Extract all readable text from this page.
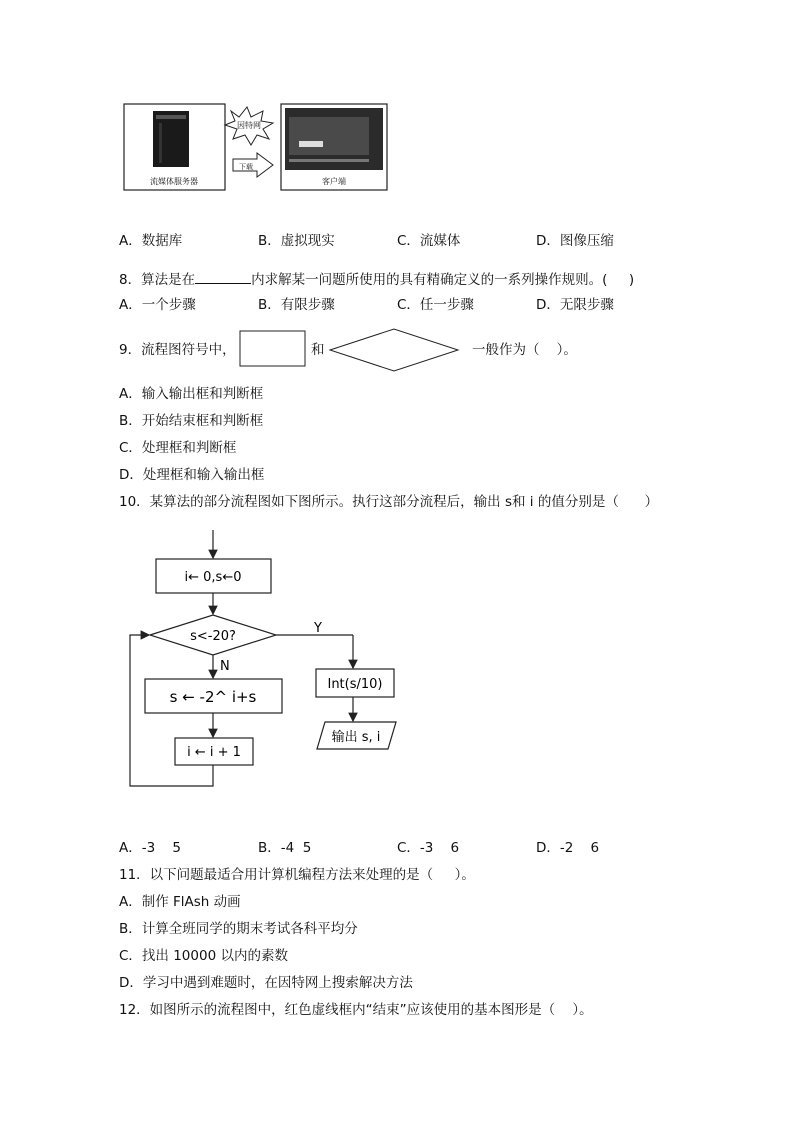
流媒体服务器
因特网
下载
客户端
A．数据库	B．虚拟现实	C．流媒体	D．图像压缩
8．算法是在	内求解某一问题所使用的具有精确定义的一系列操作规则。(     )
A．一个步骤	B．有限步骤	C．任一步骤	D．无限步骤
9．流程图符号中，	和	一般作为（    ）。
A．输入输出框和判断框
B．开始结束框和判断框
C．处理框和判断框
D．处理框和输入输出框
10．某算法的部分流程图如下图所示。执行这部分流程后，输出 s和 i 的值分别是（      ）
i← 0,s←0
s<-20?
Y
N
s ← -2^ i+s
i ← i + 1
Int(s/10)
输出 s, i
A．-3    5	B．-4  5	C．-3    6	D．-2    6
11．以下问题最适合用计算机编程方法来处理的是（     ）。
A．制作 FlAsh 动画
B．计算全班同学的期末考试各科平均分
C．找出 10000 以内的素数
D．学习中遇到难题时，在因特网上搜索解决方法
12．如图所示的流程图中，红色虚线框内“结束”应该使用的基本图形是（    ）。
